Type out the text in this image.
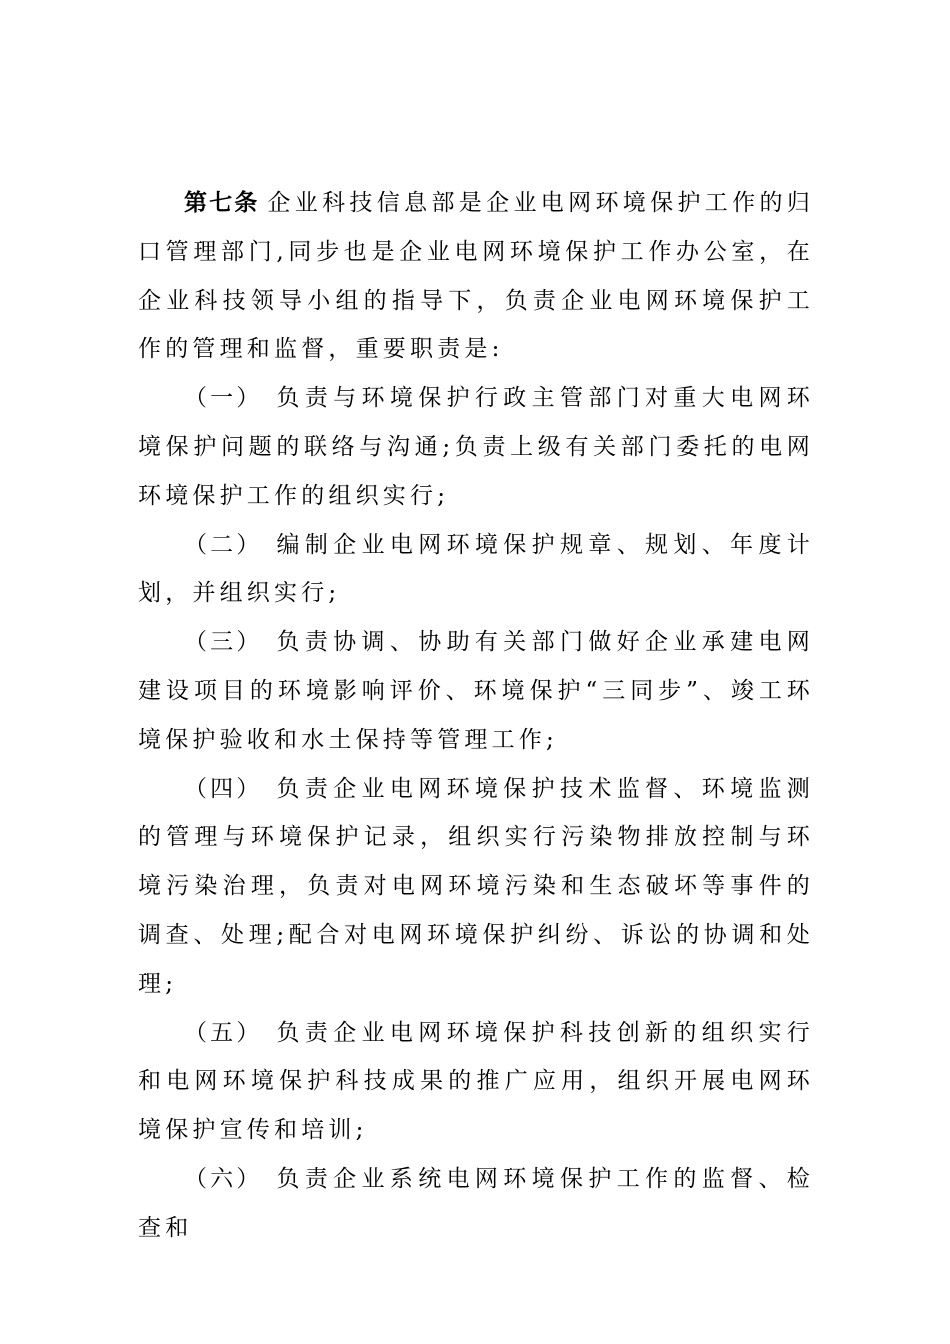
第七条 企业科技信息部是企业电网环境保护工作的归口管理部门,同步也是企业电网环境保护工作办公室，在企业科技领导小组的指导下，负责企业电网环境保护工作的管理和监督，重要职责是:

（一） 负责与环境保护行政主管部门对重大电网环境保护问题的联络与沟通;负责上级有关部门委托的电网环境保护工作的组织实行;

（二） 编制企业电网环境保护规章、规划、年度计划，并组织实行;

（三） 负责协调、协助有关部门做好企业承建电网建设项目的环境影响评价、环境保护“三同步”、竣工环境保护验收和水土保持等管理工作;

（四） 负责企业电网环境保护技术监督、环境监测的管理与环境保护记录，组织实行污染物排放控制与环境污染治理，负责对电网环境污染和生态破坏等事件的调查、处理;配合对电网环境保护纠纷、诉讼的协调和处理;

（五） 负责企业电网环境保护科技创新的组织实行和电网环境保护科技成果的推广应用，组织开展电网环境保护宣传和培训;

（六） 负责企业系统电网环境保护工作的监督、检查和
